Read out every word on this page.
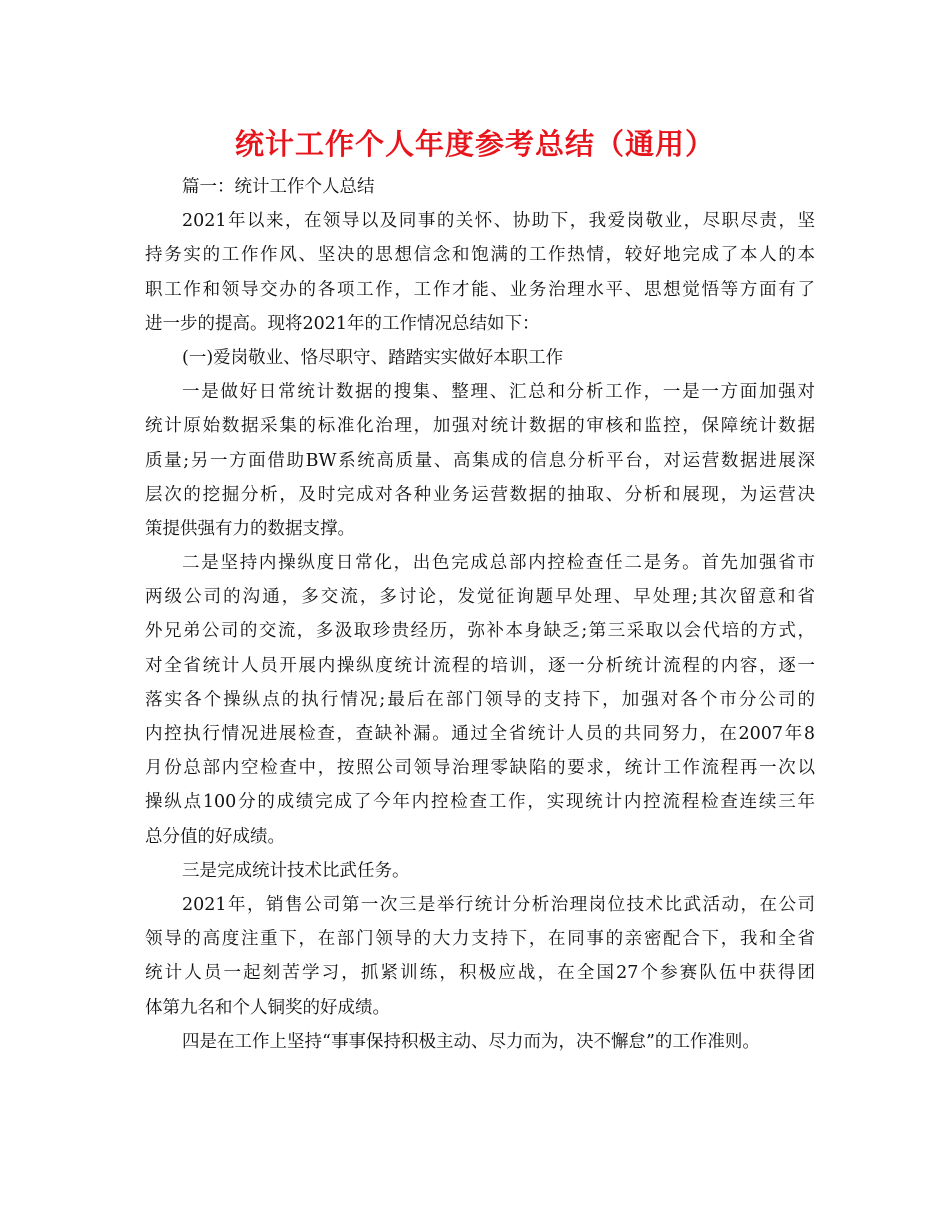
统计工作个人年度参考总结（通用）
篇一：统计工作个人总结
2021年以来，在领导以及同事的关怀、协助下，我爱岗敬业，尽职尽责，坚
持务实的工作作风、坚决的思想信念和饱满的工作热情，较好地完成了本人的本
职工作和领导交办的各项工作，工作才能、业务治理水平、思想觉悟等方面有了
进一步的提高。现将2021年的工作情况总结如下：
(一)爱岗敬业、恪尽职守、踏踏实实做好本职工作
一是做好日常统计数据的搜集、整理、汇总和分析工作，一是一方面加强对
统计原始数据采集的标准化治理，加强对统计数据的审核和监控，保障统计数据
质量;另一方面借助BW系统高质量、高集成的信息分析平台，对运营数据进展深
层次的挖掘分析，及时完成对各种业务运营数据的抽取、分析和展现，为运营决
策提供强有力的数据支撑。
二是坚持内操纵度日常化，出色完成总部内控检查任二是务。首先加强省市
两级公司的沟通，多交流，多讨论，发觉征询题早处理、早处理;其次留意和省
外兄弟公司的交流，多汲取珍贵经历，弥补本身缺乏;第三采取以会代培的方式，
对全省统计人员开展内操纵度统计流程的培训，逐一分析统计流程的内容，逐一
落实各个操纵点的执行情况;最后在部门领导的支持下，加强对各个市分公司的
内控执行情况进展检查，查缺补漏。通过全省统计人员的共同努力，在2007年8
月份总部内空检查中，按照公司领导治理零缺陷的要求，统计工作流程再一次以
操纵点100分的成绩完成了今年内控检查工作，实现统计内控流程检查连续三年
总分值的好成绩。
三是完成统计技术比武任务。
2021年，销售公司第一次三是举行统计分析治理岗位技术比武活动，在公司
领导的高度注重下，在部门领导的大力支持下，在同事的亲密配合下，我和全省
统计人员一起刻苦学习，抓紧训练，积极应战，在全国27个参赛队伍中获得团
体第九名和个人铜奖的好成绩。
四是在工作上坚持“事事保持积极主动、尽力而为，决不懈怠”的工作准则。
